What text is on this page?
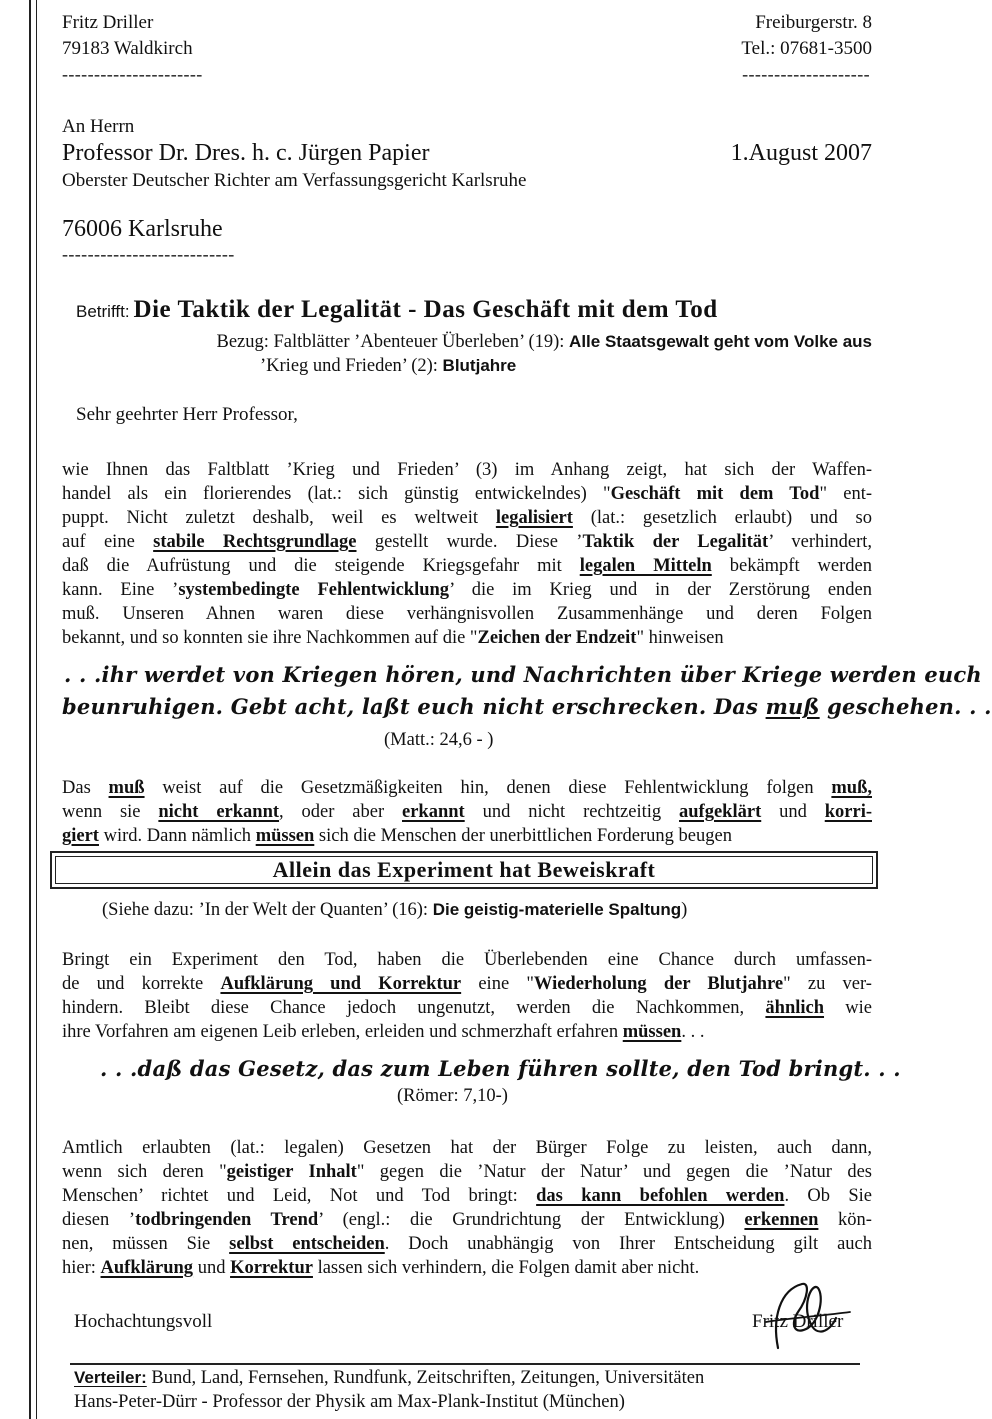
Fritz Driller
79183 Waldkirch
----------------------
Freiburgerstr. 8
Tel.: 07681-3500
--------------------
An Herrn
Professor Dr. Dres. h. c. Jürgen Papier	1.August 2007
Oberster Deutscher Richter am Verfassungsgericht Karlsruhe
76006 Karlsruhe
---------------------------
Betrifft: Die Taktik der Legalität - Das Geschäft mit dem Tod
Bezug: Faltblätter ’Abenteuer Überleben’ (19): Alle Staatsgewalt geht vom Volke aus
’Krieg und Frieden’ (2): Blutjahre
Sehr geehrter Herr Professor,
wie Ihnen das Faltblatt ’Krieg und Frieden’ (3) im Anhang zeigt, hat sich der Waffen-
handel als ein florierendes (lat.: sich günstig entwickelndes) "Geschäft mit dem Tod" ent-
puppt. Nicht zuletzt deshalb, weil es weltweit legalisiert (lat.: gesetzlich erlaubt) und so
auf eine stabile Rechtsgrundlage gestellt wurde. Diese ’Taktik der Legalität’ verhindert,
daß die Aufrüstung und die steigende Kriegsgefahr mit legalen Mitteln bekämpft werden
kann. Eine ’systembedingte Fehlentwicklung’ die im Krieg und in der Zerstörung enden
muß. Unseren Ahnen waren diese verhängnisvollen Zusammenhänge und deren Folgen
bekannt, und so konnten sie ihre Nachkommen auf die "Zeichen der Endzeit" hinweisen
. . .ihr werdet von Kriegen hören, und Nachrichten über Kriege werden euch
beunruhigen. Gebt acht, laßt euch nicht erschrecken. Das muß geschehen. . .
(Matt.: 24,6 - )
Das muß weist auf die Gesetzmäßigkeiten hin, denen diese Fehlentwicklung folgen muß,
wenn sie nicht erkannt, oder aber erkannt und nicht rechtzeitig aufgeklärt und korri-
giert wird. Dann nämlich müssen sich die Menschen der unerbittlichen Forderung beugen
Allein das Experiment hat Beweiskraft
(Siehe dazu: ’In der Welt der Quanten’ (16): Die geistig-materielle Spaltung)
Bringt ein Experiment den Tod, haben die Überlebenden eine Chance durch umfassen-
de und korrekte Aufklärung und Korrektur eine "Wiederholung der Blutjahre" zu ver-
hindern. Bleibt diese Chance jedoch ungenutzt, werden die Nachkommen, ähnlich wie
ihre Vorfahren am eigenen Leib erleben, erleiden und schmerzhaft erfahren müssen. . .
. . .daß das Gesetz, das zum Leben führen sollte, den Tod bringt. . .
(Römer: 7,10-)
Amtlich erlaubten (lat.: legalen) Gesetzen hat der Bürger Folge zu leisten, auch dann,
wenn sich deren "geistiger Inhalt" gegen die ’Natur der Natur’ und gegen die ’Natur des
Menschen’ richtet und Leid, Not und Tod bringt: das kann befohlen werden. Ob Sie
diesen ’todbringenden Trend’ (engl.: die Grundrichtung der Entwicklung) erkennen kön-
nen, müssen Sie selbst entscheiden. Doch unabhängig von Ihrer Entscheidung gilt auch
hier: Aufklärung und Korrektur lassen sich verhindern, die Folgen damit aber nicht.
Hochachtungsvoll	Fritz Driller
Verteiler: Bund, Land, Fernsehen, Rundfunk, Zeitschriften, Zeitungen, Universitäten
Hans-Peter-Dürr - Professor der Physik am Max-Plank-Institut (München)
